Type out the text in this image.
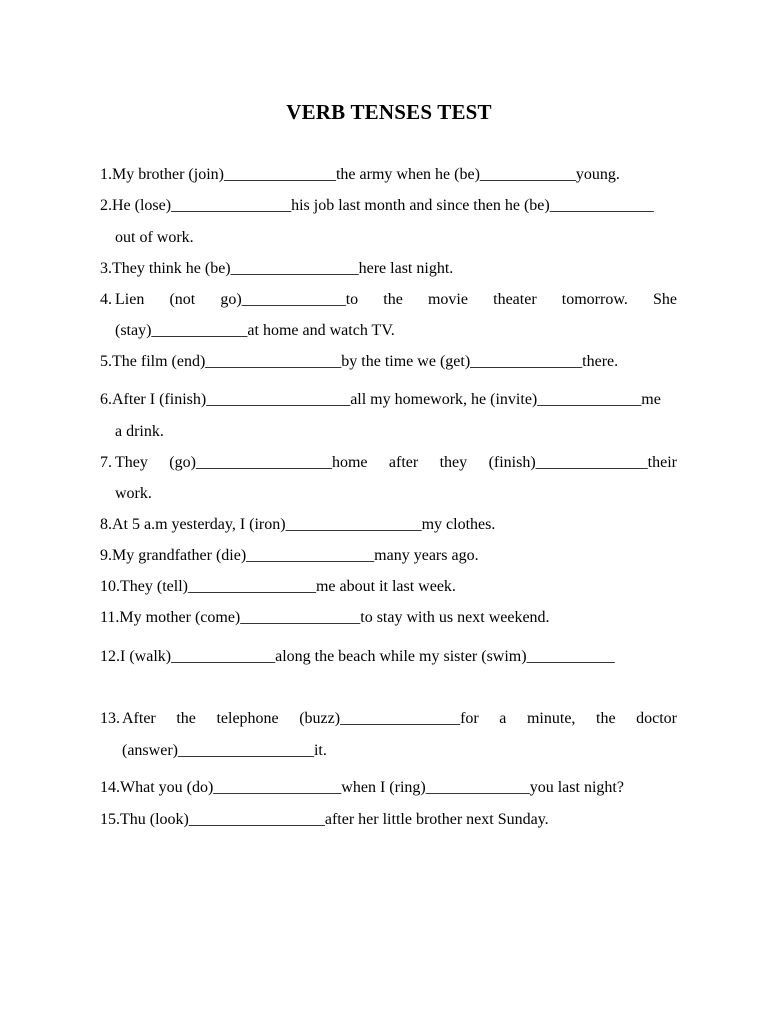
VERB TENSES TEST
1.My brother (join)______________the army when he (be)____________young.
2.He (lose)_______________his job last month and since then he (be)_____________
out of work.
3.They think he (be)________________here last night.
4. Lien (not go)_____________to the movie theater tomorrow. She
(stay)____________at home and watch TV.
5.The film (end)_________________by the time we (get)______________there.
6.After I (finish)__________________all my homework, he (invite)_____________me
a drink.
7. They (go)_________________home after they (finish)______________their
work.
8.At 5 a.m yesterday, I (iron)_________________my clothes.
9.My grandfather (die)________________many years ago.
10.They (tell)________________me about it last week.
11.My mother (come)_______________to stay with us next weekend.
12.I (walk)_____________along the beach while my sister (swim)___________
13. After the telephone (buzz)_______________for a minute, the doctor
(answer)_________________it.
14.What you (do)________________when I (ring)_____________you last night?
15.Thu (look)_________________after her little brother next Sunday.
